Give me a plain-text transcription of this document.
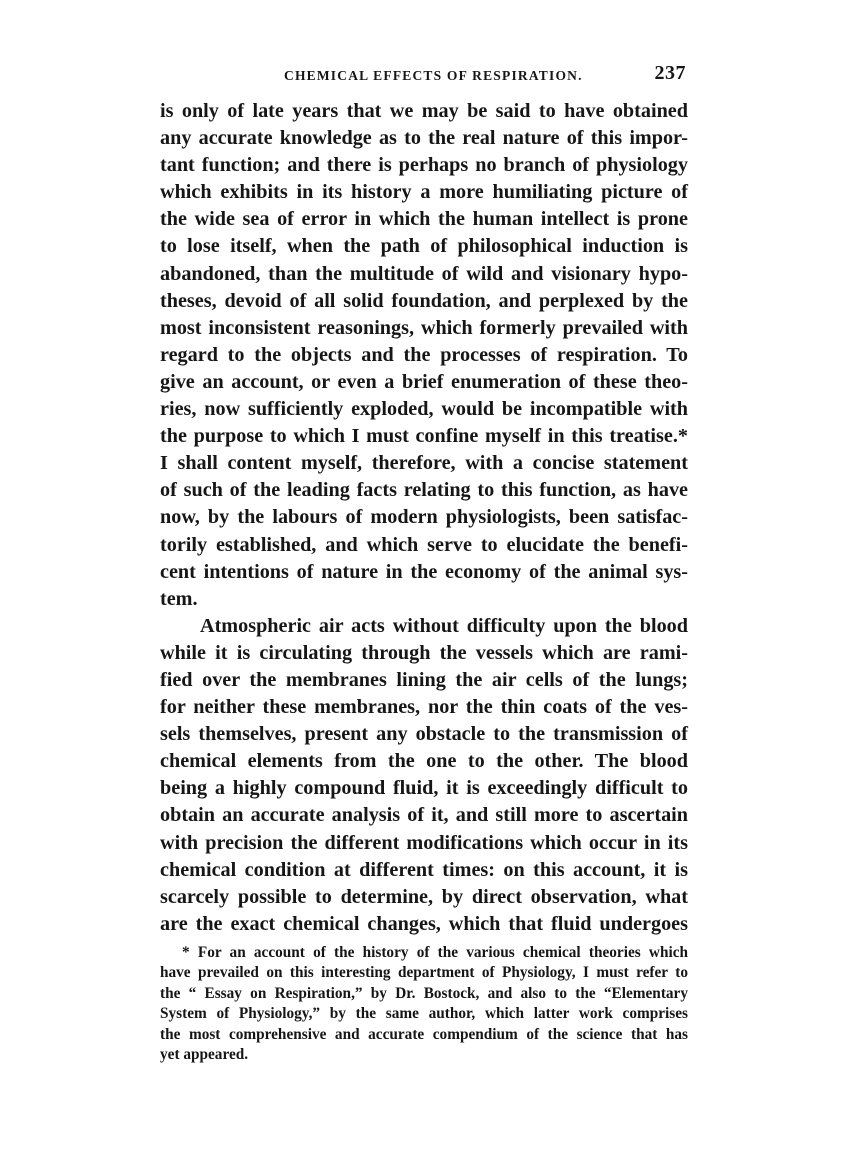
CHEMICAL EFFECTS OF RESPIRATION.	237
is only of late years that we may be said to have obtained
any accurate knowledge as to the real nature of this impor-
tant function; and there is perhaps no branch of physiology
which exhibits in its history a more humiliating picture of
the wide sea of error in which the human intellect is prone
to lose itself, when the path of philosophical induction is
abandoned, than the multitude of wild and visionary hypo-
theses, devoid of all solid foundation, and perplexed by the
most inconsistent reasonings, which formerly prevailed with
regard to the objects and the processes of respiration. To
give an account, or even a brief enumeration of these theo-
ries, now sufficiently exploded, would be incompatible with
the purpose to which I must confine myself in this treatise.*
I shall content myself, therefore, with a concise statement
of such of the leading facts relating to this function, as have
now, by the labours of modern physiologists, been satisfac-
torily established, and which serve to elucidate the benefi-
cent intentions of nature in the economy of the animal sys-
tem.
Atmospheric air acts without difficulty upon the blood
while it is circulating through the vessels which are rami-
fied over the membranes lining the air cells of the lungs;
for neither these membranes, nor the thin coats of the ves-
sels themselves, present any obstacle to the transmission of
chemical elements from the one to the other. The blood
being a highly compound fluid, it is exceedingly difficult to
obtain an accurate analysis of it, and still more to ascertain
with precision the different modifications which occur in its
chemical condition at different times: on this account, it is
scarcely possible to determine, by direct observation, what
are the exact chemical changes, which that fluid undergoes
* For an account of the history of the various chemical theories which
have prevailed on this interesting department of Physiology, I must refer to
the “ Essay on Respiration,” by Dr. Bostock, and also to the “Elementary
System of Physiology,” by the same author, which latter work comprises
the most comprehensive and accurate compendium of the science that has
yet appeared.
